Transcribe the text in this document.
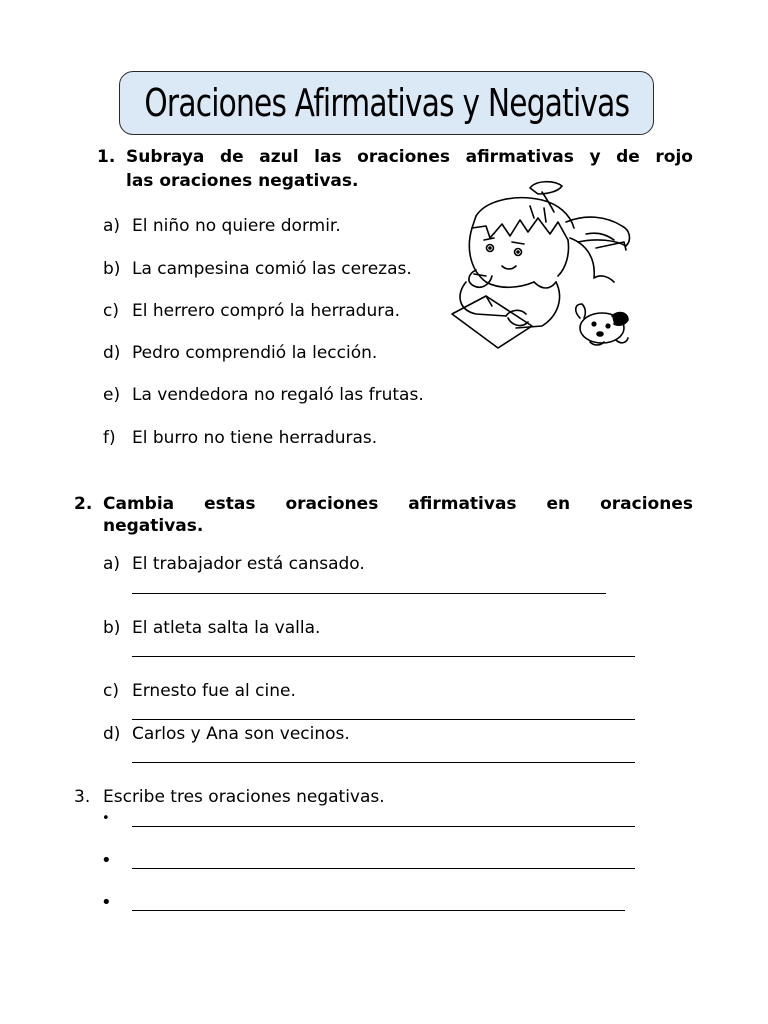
Oraciones Afirmativas y Negativas
1. Subraya de azul las oraciones afirmativas y de rojo
las oraciones negativas.
a) El niño no quiere dormir.
b) La campesina comió las cerezas.
c) El herrero compró la herradura.
d) Pedro comprendió la lección.
e) La vendedora no regaló las frutas.
f) El burro no tiene herraduras.
2. Cambia estas oraciones afirmativas en oraciones
negativas.
a) El trabajador está cansado.
b) El atleta salta la valla.
c) Ernesto fue al cine.
d) Carlos y Ana son vecinos.
3. Escribe tres oraciones negativas.
•
•
•
